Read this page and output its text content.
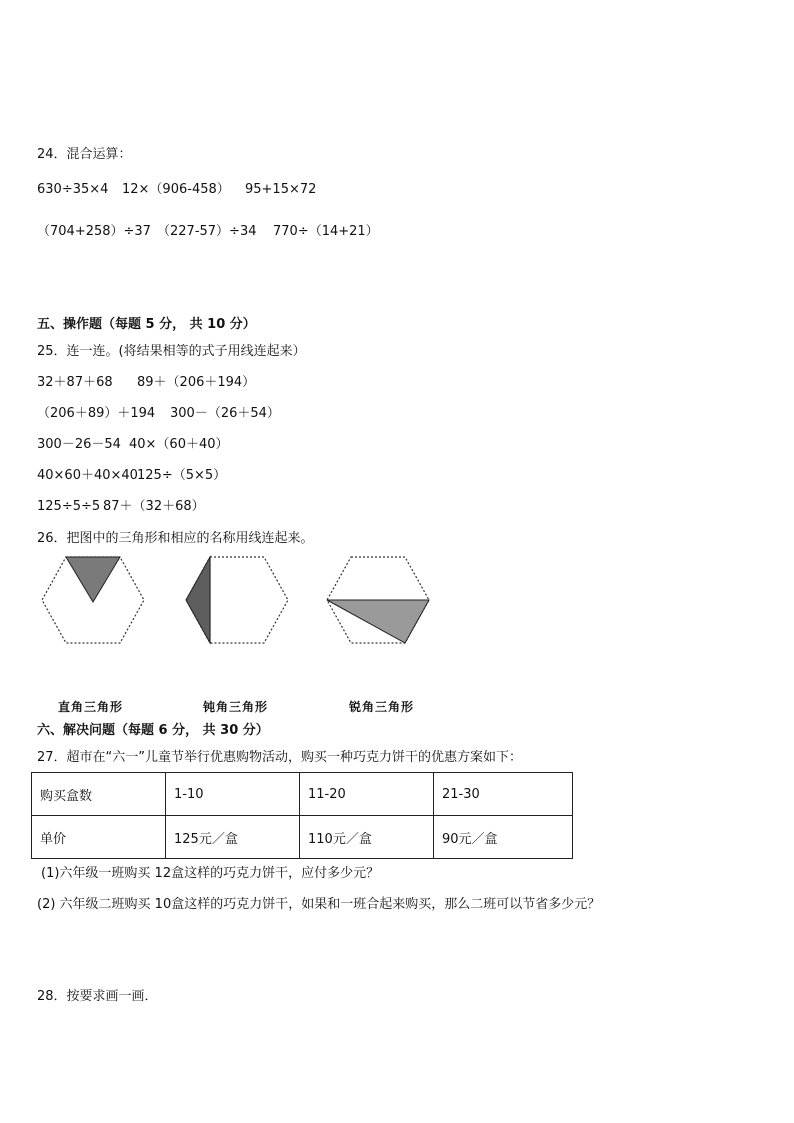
24．混合运算：
630÷35×4 12×（906-458） 95+15×72
（704+258）÷37 （227-57）÷34 770÷（14+21）
五、操作题（每题 5 分， 共 10 分）
25．连一连。(将结果相等的式子用线连起来）
32＋87＋68 89＋（206＋194）
（206＋89）＋194 300－（26＋54）
300－26－54 40×（60＋40）
40×60＋40×40 125÷（5×5）
125÷5÷5 87＋（32＋68）
26．把图中的三角形和相应的名称用线连起来。
直角三角形	钝角三角形	锐角三角形
六、解决问题（每题 6 分， 共 30 分）
27．超市在“六一”儿童节举行优惠购物活动，购买一种巧克力饼干的优惠方案如下：
购买盒数	1-10	11-20	21-30
单价	125元／盒	110元／盒	90元／盒
(1)六年级一班购买 12盒这样的巧克力饼干，应付多少元？
(2) 六年级二班购买 10盒这样的巧克力饼干，如果和一班合起来购买，那么二班可以节省多少元？
28．按要求画一画．
